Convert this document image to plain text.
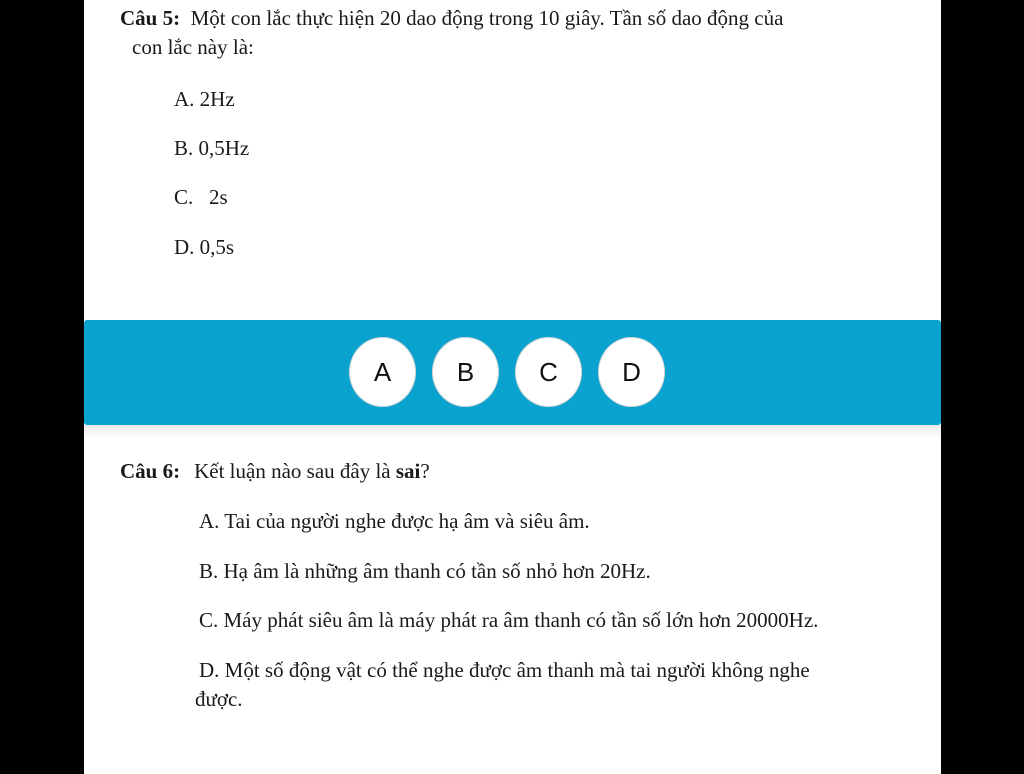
Câu 5: Một con lắc thực hiện 20 dao động trong 10 giây. Tần số dao động của
con lắc này là:
A. 2Hz
B. 0,5Hz
C.   2s
D. 0,5s
A	B	C	D
Câu 6: Kết luận nào sau đây là sai?
A. Tai của người nghe được hạ âm và siêu âm.
B. Hạ âm là những âm thanh có tần số nhỏ hơn 20Hz.
C. Máy phát siêu âm là máy phát ra âm thanh có tần số lớn hơn 20000Hz.
D. Một số động vật có thể nghe được âm thanh mà tai người không nghe
được.
